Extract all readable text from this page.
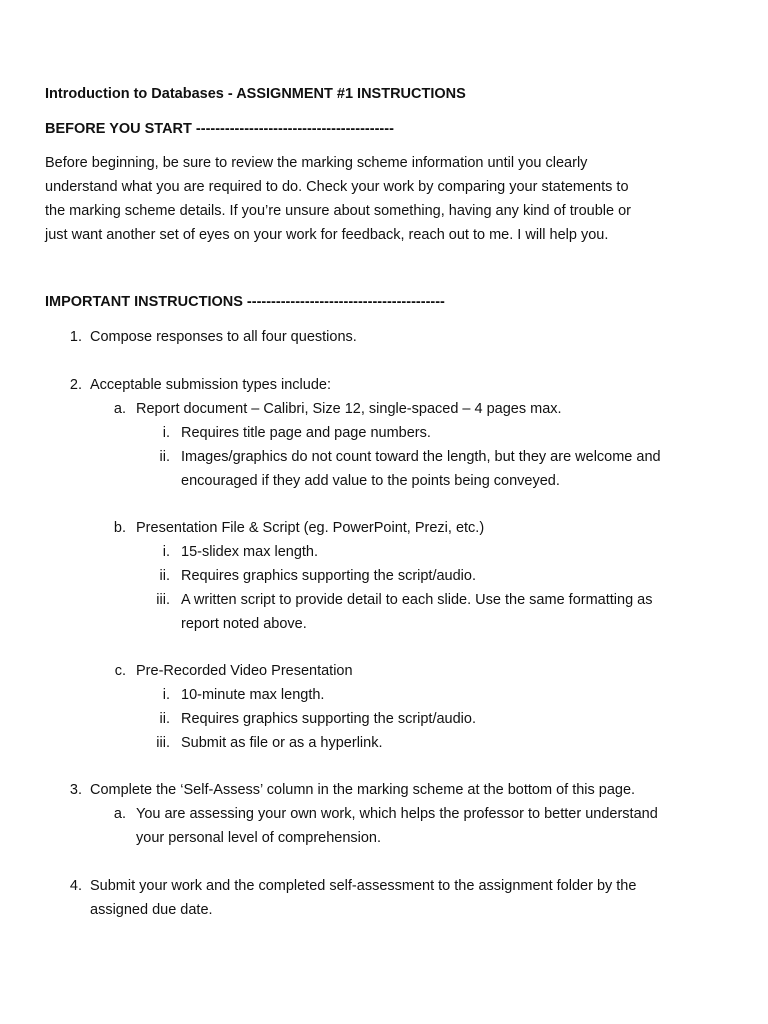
Introduction to Databases - ASSIGNMENT #1 INSTRUCTIONS
BEFORE YOU START -----------------------------------------
Before beginning, be sure to review the marking scheme information until you clearly
understand what you are required to do. Check your work by comparing your statements to
the marking scheme details. If you’re unsure about something, having any kind of trouble or
just want another set of eyes on your work for feedback, reach out to me. I will help you.
IMPORTANT INSTRUCTIONS -----------------------------------------
1. Compose responses to all four questions.
2. Acceptable submission types include:
a. Report document – Calibri, Size 12, single-spaced – 4 pages max.
i. Requires title page and page numbers.
ii. Images/graphics do not count toward the length, but they are welcome and
encouraged if they add value to the points being conveyed.
b. Presentation File & Script (eg. PowerPoint, Prezi, etc.)
i. 15-slidex max length.
ii. Requires graphics supporting the script/audio.
iii. A written script to provide detail to each slide. Use the same formatting as
report noted above.
c. Pre-Recorded Video Presentation
i. 10-minute max length.
ii. Requires graphics supporting the script/audio.
iii. Submit as file or as a hyperlink.
3. Complete the ‘Self-Assess’ column in the marking scheme at the bottom of this page.
a. You are assessing your own work, which helps the professor to better understand
your personal level of comprehension.
4. Submit your work and the completed self-assessment to the assignment folder by the
assigned due date.
